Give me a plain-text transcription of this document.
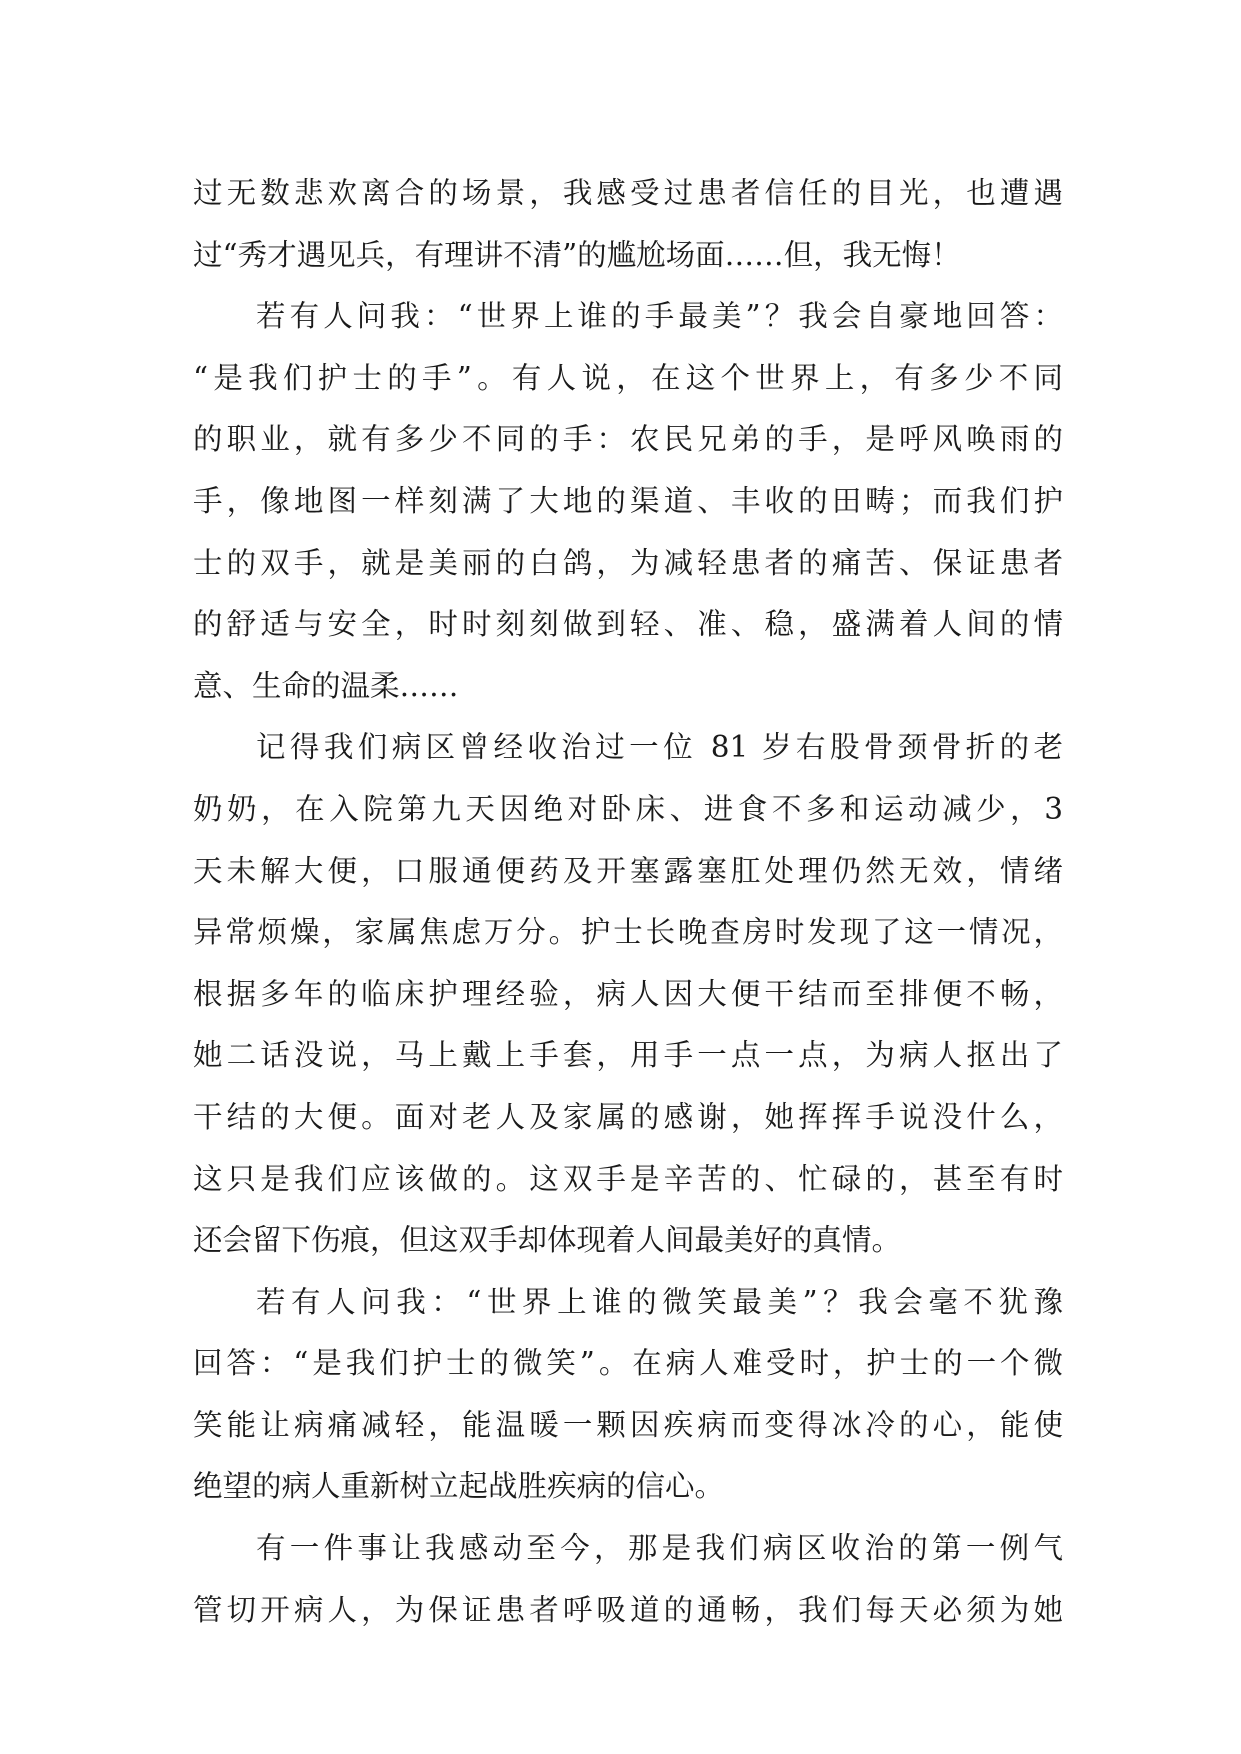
过无数悲欢离合的场景，我感受过患者信任的目光，也遭遇
过“秀才遇见兵，有理讲不清”的尴尬场面……但，我无悔！
若有人问我：“世界上谁的手最美”？我会自豪地回答：
“是我们护士的手”。有人说，在这个世界上，有多少不同
的职业，就有多少不同的手：农民兄弟的手，是呼风唤雨的
手，像地图一样刻满了大地的渠道、丰收的田畴；而我们护
士的双手，就是美丽的白鸽，为减轻患者的痛苦、保证患者
的舒适与安全，时时刻刻做到轻、准、稳，盛满着人间的情
意、生命的温柔……
记得我们病区曾经收治过一位 81 岁右股骨颈骨折的老
奶奶，在入院第九天因绝对卧床、进食不多和运动减少，3
天未解大便，口服通便药及开塞露塞肛处理仍然无效，情绪
异常烦燥，家属焦虑万分。护士长晚查房时发现了这一情况，
根据多年的临床护理经验，病人因大便干结而至排便不畅，
她二话没说，马上戴上手套，用手一点一点，为病人抠出了
干结的大便。面对老人及家属的感谢，她挥挥手说没什么，
这只是我们应该做的。这双手是辛苦的、忙碌的，甚至有时
还会留下伤痕，但这双手却体现着人间最美好的真情。
若有人问我：“世界上谁的微笑最美”？我会毫不犹豫
回答：“是我们护士的微笑”。在病人难受时，护士的一个微
笑能让病痛减轻，能温暖一颗因疾病而变得冰冷的心，能使
绝望的病人重新树立起战胜疾病的信心。
有一件事让我感动至今，那是我们病区收治的第一例气
管切开病人，为保证患者呼吸道的通畅，我们每天必须为她
